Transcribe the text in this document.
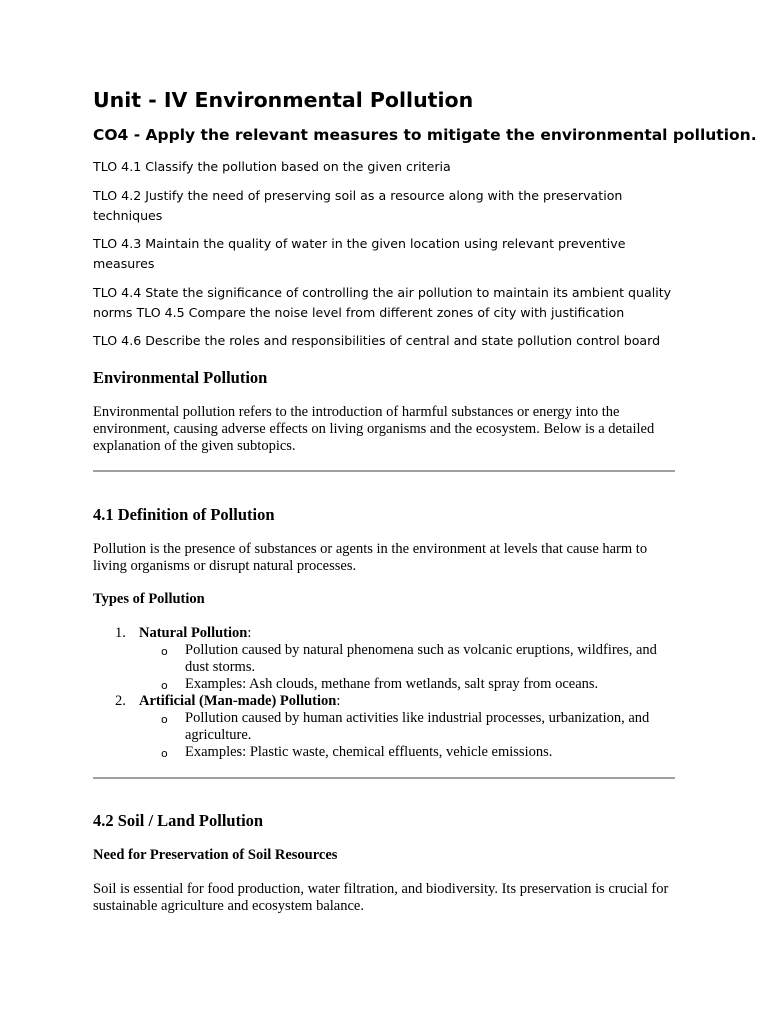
Unit - IV Environmental Pollution
CO4 - Apply the relevant measures to mitigate the environmental pollution.

TLO 4.1 Classify the pollution based on the given criteria

TLO 4.2 Justify the need of preserving soil as a resource along with the preservation techniques

TLO 4.3 Maintain the quality of water in the given location using relevant preventive measures

TLO 4.4 State the significance of controlling the air pollution to maintain its ambient quality norms TLO 4.5 Compare the noise level from different zones of city with justification

TLO 4.6 Describe the roles and responsibilities of central and state pollution control board

Environmental Pollution

Environmental pollution refers to the introduction of harmful substances or energy into the environment, causing adverse effects on living organisms and the ecosystem. Below is a detailed explanation of the given subtopics.

4.1 Definition of Pollution

Pollution is the presence of substances or agents in the environment at levels that cause harm to living organisms or disrupt natural processes.

Types of Pollution
1. Natural Pollution:
o Pollution caused by natural phenomena such as volcanic eruptions, wildfires, and dust storms.
o Examples: Ash clouds, methane from wetlands, salt spray from oceans.
2. Artificial (Man-made) Pollution:
o Pollution caused by human activities like industrial processes, urbanization, and agriculture.
o Examples: Plastic waste, chemical effluents, vehicle emissions.
4.2 Soil / Land Pollution
Need for Preservation of Soil Resources

Soil is essential for food production, water filtration, and biodiversity. Its preservation is crucial for sustainable agriculture and ecosystem balance.
